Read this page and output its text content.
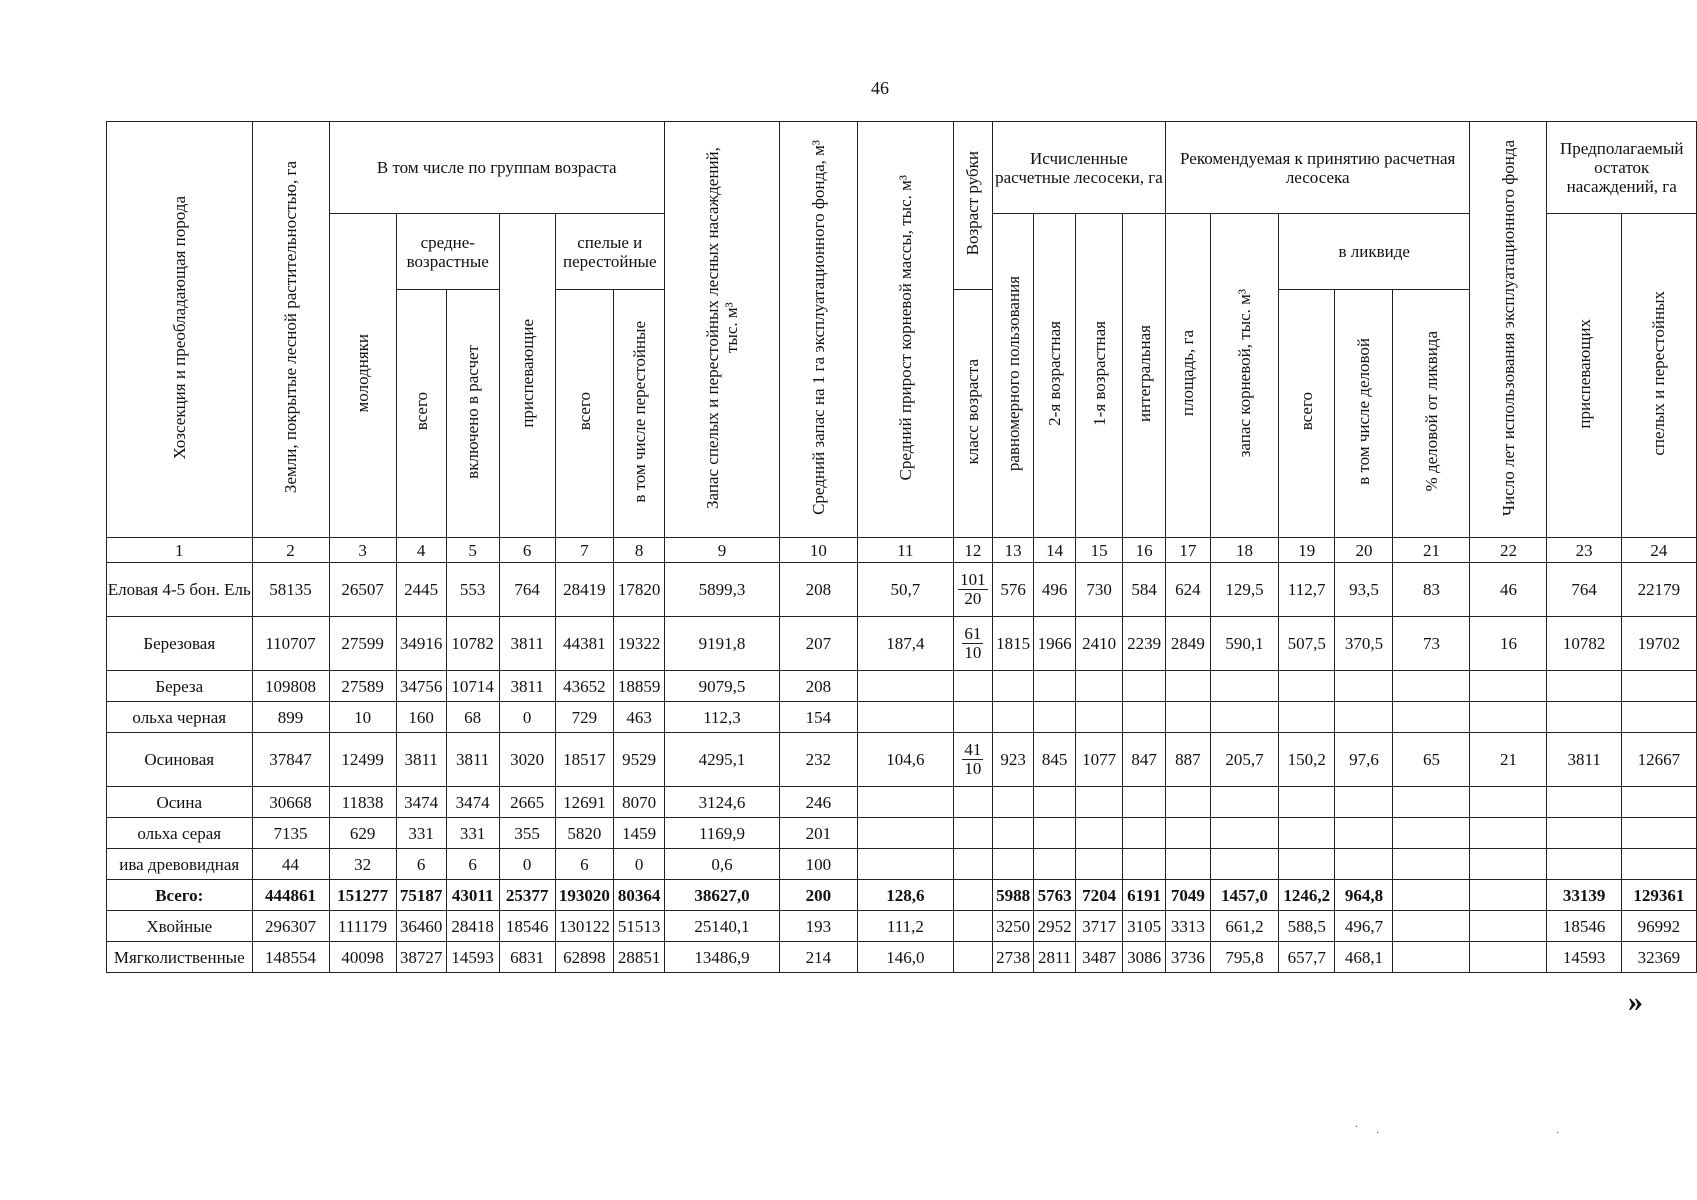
46
Хозсекция и преобладающая порода	Земли, покрытые лесной растительностью, га	В том числе по группам возраста						Запас спелых и перестойных лесных насаждений, тыс. м³	Средний запас на 1 га эксплуатационного фонда, м³	Средний прирост корневой массы, тыс. м³	Возраст рубки	Исчисленные расчетные лесосеки, га				Рекомендуемая к принятию расчетная лесосека					Число лет использования эксплуатационного фонда	Предполагаемый остаток насаждений, га	
		молодняки	средне-возрастные		приспевающие	спелые и перестойные						равномерного пользования	2-я возрастная	1-я возрастная	интегральная	площадь, га	запас корневой, тыс. м³	в ликвиде				приспевающих	спелых и перестойных
			всего	включено в расчет		всего	в том числе перестойные				класс возраста							всего	в том числе деловой	% деловой от ликвида			
1	2	3	4	5	6	7	8	9	10	11	12	13	14	15	16	17	18	19	20	21	22	23	24
Еловая 4-5 бон. Ель	58135	26507	2445	553	764	28419	17820	5899,3	208	50,7	$\frac{101}{20}$	576	496	730	584	624	129,5	112,7	93,5	83	46	764	22179
Березовая	110707	27599	34916	10782	3811	44381	19322	9191,8	207	187,4	$\frac{61}{10}$	1815	1966	2410	2239	2849	590,1	507,5	370,5	73	16	10782	19702
Береза	109808	27589	34756	10714	3811	43652	18859	9079,5	208														
ольха черная	899	10	160	68	0	729	463	112,3	154														
Осиновая	37847	12499	3811	3811	3020	18517	9529	4295,1	232	104,6	$\frac{41}{10}$	923	845	1077	847	887	205,7	150,2	97,6	65	21	3811	12667
Осина	30668	11838	3474	3474	2665	12691	8070	3124,6	246														
ольха серая	7135	629	331	331	355	5820	1459	1169,9	201														
ива древовидная	44	32	6	6	0	6	0	0,6	100														
Всего:	444861	151277	75187	43011	25377	193020	80364	38627,0	200	128,6		5988	5763	7204	6191	7049	1457,0	1246,2	964,8			33139	129361
Хвойные	296307	111179	36460	28418	18546	130122	51513	25140,1	193	111,2		3250	2952	3717	3105	3313	661,2	588,5	496,7			18546	96992
Мягколиственные	148554	40098	38727	14593	6831	62898	28851	13486,9	214	146,0		2738	2811	3487	3086	3736	795,8	657,7	468,1			14593	32369
»
·
·	·
